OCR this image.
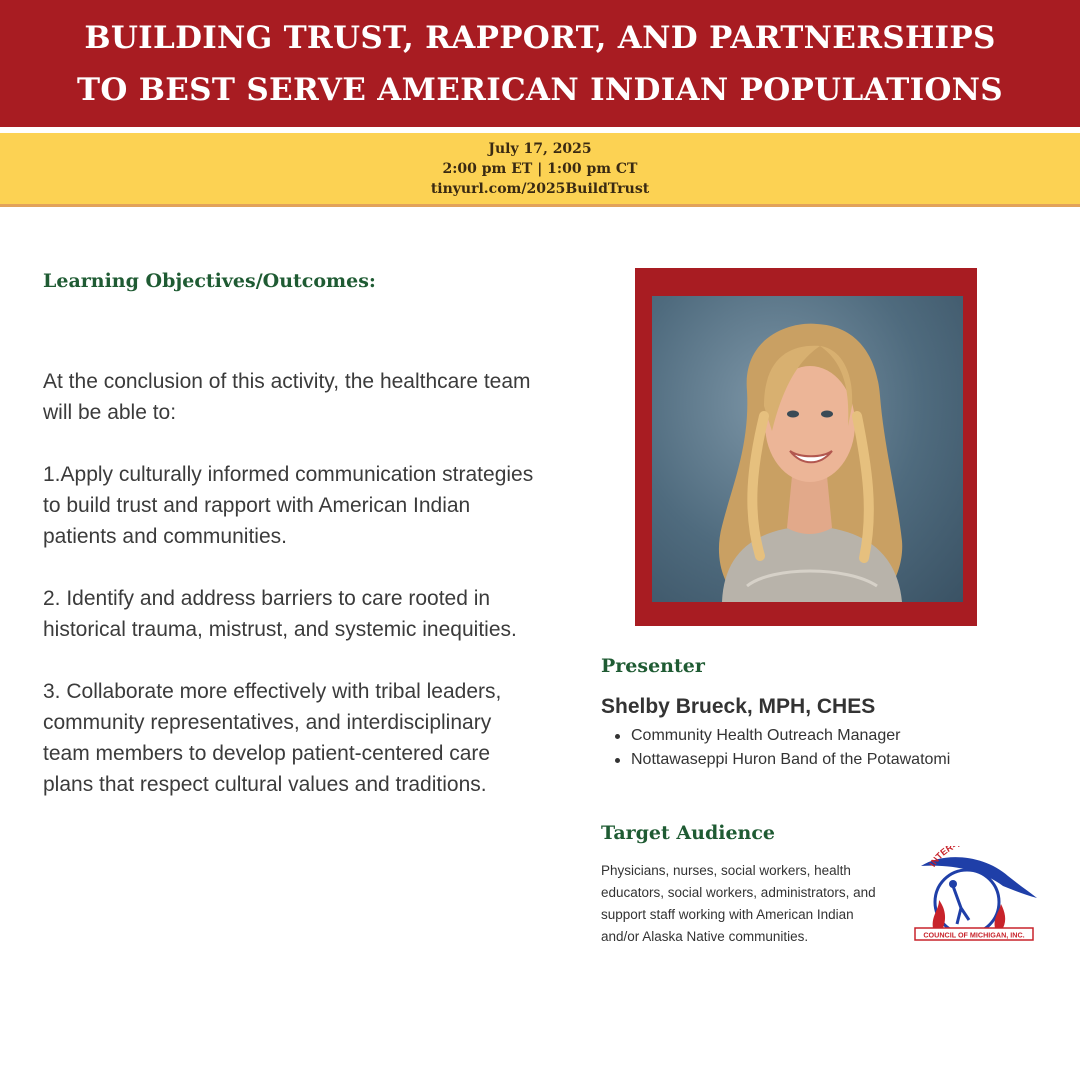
BUILDING TRUST, RAPPORT, AND PARTNERSHIPS
TO BEST SERVE AMERICAN INDIAN POPULATIONS
July 17, 2025
2:00 pm ET | 1:00 pm CT
tinyurl.com/2025BuildTrust
Learning Objectives/Outcomes:

At the conclusion of this activity, the healthcare team will be able to:

1.Apply culturally informed communication strategies to build trust and rapport with American Indian patients and communities.

2. Identify and address barriers to care rooted in historical trauma, mistrust, and systemic inequities.

3. Collaborate more effectively with tribal leaders, community representatives, and interdisciplinary team members to develop patient-centered care plans that respect cultural values and traditions.

Presenter
Shelby Brueck, MPH, CHES
Community Health Outreach Manager
Nottawaseppi Huron Band of the Potawatomi
Target Audience

Physicians, nurses, social workers, health educators, social workers, administrators, and support staff working with American Indian and/or Alaska Native communities.

INTER
COUNCIL OF MICHIGAN, INC.
